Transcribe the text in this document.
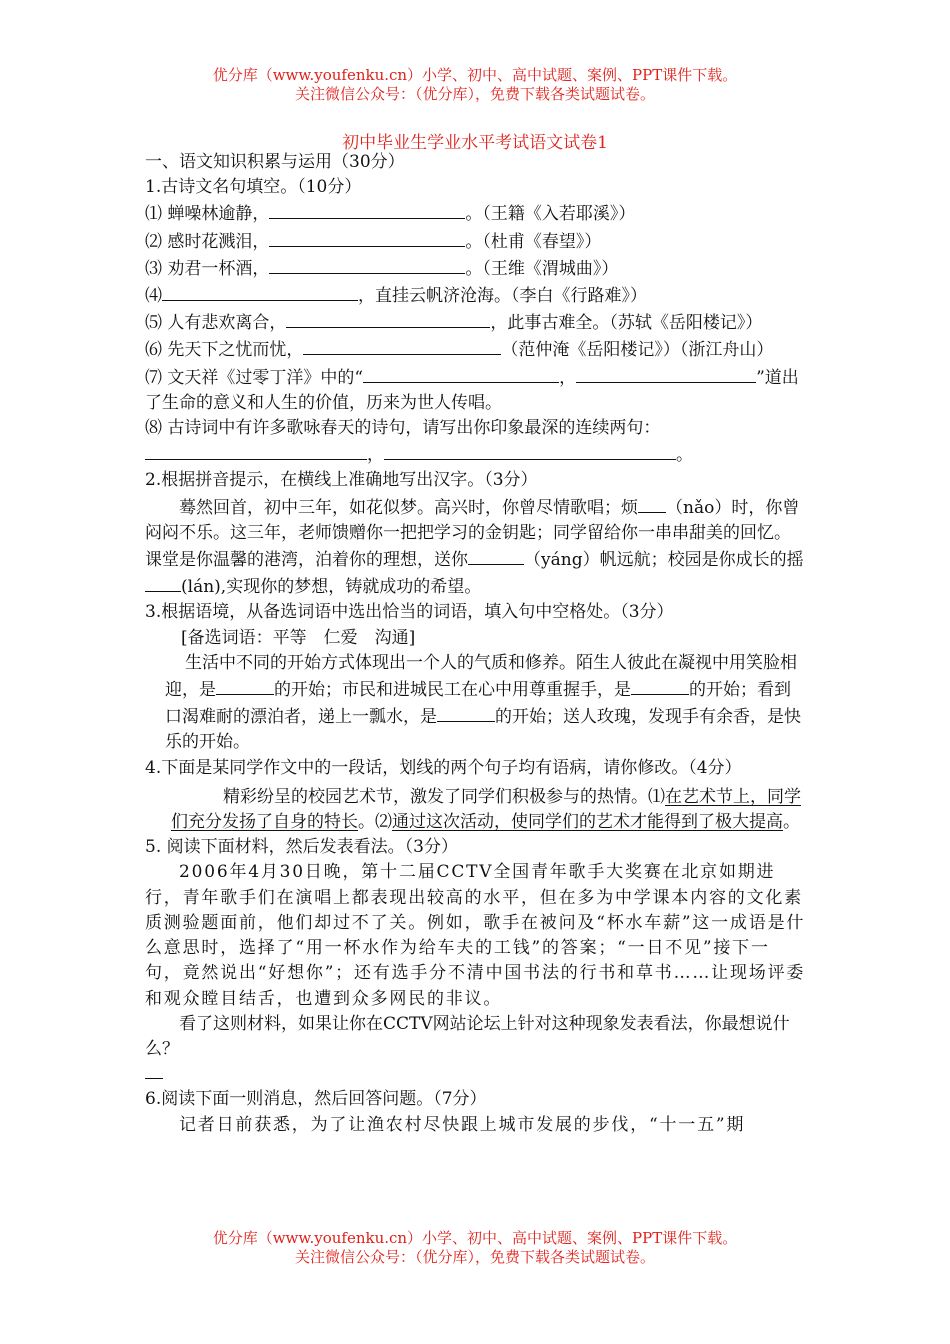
优分库（www.youfenku.cn）小学、初中、高中试题、案例、PPT课件下载。
关注微信公众号：（优分库），免费下载各类试题试卷。
初中毕业生学业水平考试语文试卷1

一、语文知识积累与运用（30分）

1.古诗文名句填空。（10分）

⑴ 蝉噪林逾静，	。（王籍《入若耶溪》）

⑵ 感时花溅泪，	。（杜甫《春望》）

⑶ 劝君一杯酒，	。（王维《渭城曲》）

⑷	，直挂云帆济沧海。（李白《行路难》）

⑸ 人有悲欢离合，	，此事古难全。（苏轼《岳阳楼记》）

⑹ 先天下之忧而忧，	（范仲淹《岳阳楼记》）（浙江舟山）

⑺ 文天祥《过零丁洋》中的“	，	”道出了生命的意义和人生的价值，历来为世人传唱。

⑻ 古诗词中有许多歌咏春天的诗句，请写出你印象最深的连续两句：

，	。

2.根据拼音提示，在横线上准确地写出汉字。（3分）

蓦然回首，初中三年，如花似梦。高兴时，你曾尽情歌唱；烦 （nǎo）时，你曾闷闷不乐。这三年，老师馈赠你一把把学习的金钥匙；同学留给你一串串甜美的回忆。课堂是你温馨的港湾，泊着你的理想，送你	（yáng）帆远航；校园是你成长的摇(lán),实现你的梦想，铸就成功的希望。

3.根据语境，从备选词语中选出恰当的词语，填入句中空格处。（3分）

[备选词语：平等　仁爱　沟通]

生活中不同的开始方式体现出一个人的气质和修养。陌生人彼此在凝视中用笑脸相迎，是	的开始；市民和进城民工在心中用尊重握手，是	的开始；看到口渴难耐的漂泊者，递上一瓢水，是	的开始；送人玫瑰，发现手有余香，是快乐的开始。

4.下面是某同学作文中的一段话，划线的两个句子均有语病，请你修改。（4分）

精彩纷呈的校园艺术节，激发了同学们积极参与的热情。⑴在艺术节上，同学们充分发扬了自身的特长。⑵通过这次活动，使同学们的艺术才能得到了极大提高。

5. 阅读下面材料，然后发表看法。（3分）

2006年4月30日晚，第十二届CCTV全国青年歌手大奖赛在北京如期进行，青年歌手们在演唱上都表现出较高的水平，但在多为中学课本内容的文化素质测验题面前，他们却过不了关。例如，歌手在被问及“杯水车薪”这一成语是什么意思时，选择了“用一杯水作为给车夫的工钱”的答案；“一日不见”接下一句，竟然说出“好想你”；还有选手分不清中国书法的行书和草书……让现场评委和观众瞠目结舌，也遭到众多网民的非议。

看了这则材料，如果让你在CCTV网站论坛上针对这种现象发表看法，你最想说什么？

6.阅读下面一则消息，然后回答问题。（7分）

记者日前获悉，为了让渔农村尽快跟上城市发展的步伐，“十一五”期

优分库（www.youfenku.cn）小学、初中、高中试题、案例、PPT课件下载。
关注微信公众号：（优分库），免费下载各类试题试卷。
